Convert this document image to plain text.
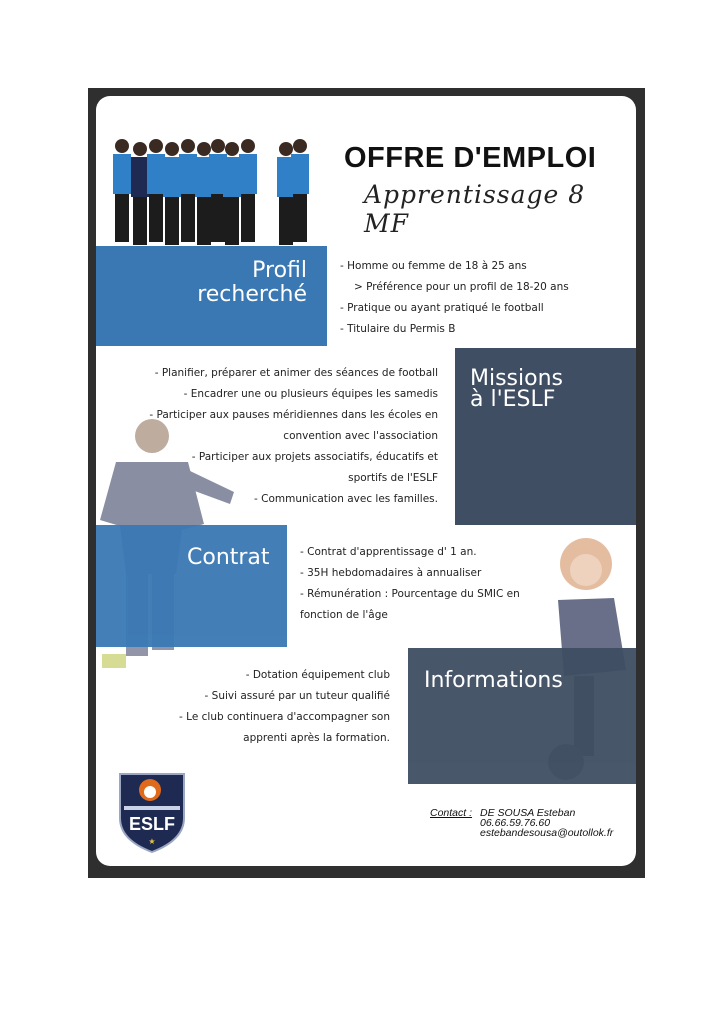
OFFRE D'EMPLOI
Apprentissage 8 MF
Profil
recherché
- Homme ou femme de 18 à 25 ans
> Préférence pour un profil de 18-20 ans
- Pratique ou ayant pratiqué le football
- Titulaire du Permis B
Missions
à l'ESLF
- Planifier, préparer et animer des séances de football
- Encadrer une ou plusieurs équipes les samedis
- Participer aux pauses méridiennes dans les écoles en
convention avec l'association
- Participer aux projets associatifs, éducatifs et
sportifs de l'ESLF
- Communication avec les familles.
Contrat	- Contrat d'apprentissage d' 1 an.
- 35H hebdomadaires à annualiser
- Rémunération : Pourcentage du SMIC en
fonction de l'âge
Informations
- Dotation équipement club
- Suivi assuré par un tuteur qualifié
- Le club continuera d'accompagner son
apprenti après la formation.
ESLF
★
Contact : DE SOUSA Esteban
06.66.59.76.60
estebandesousa@outollok.fr
